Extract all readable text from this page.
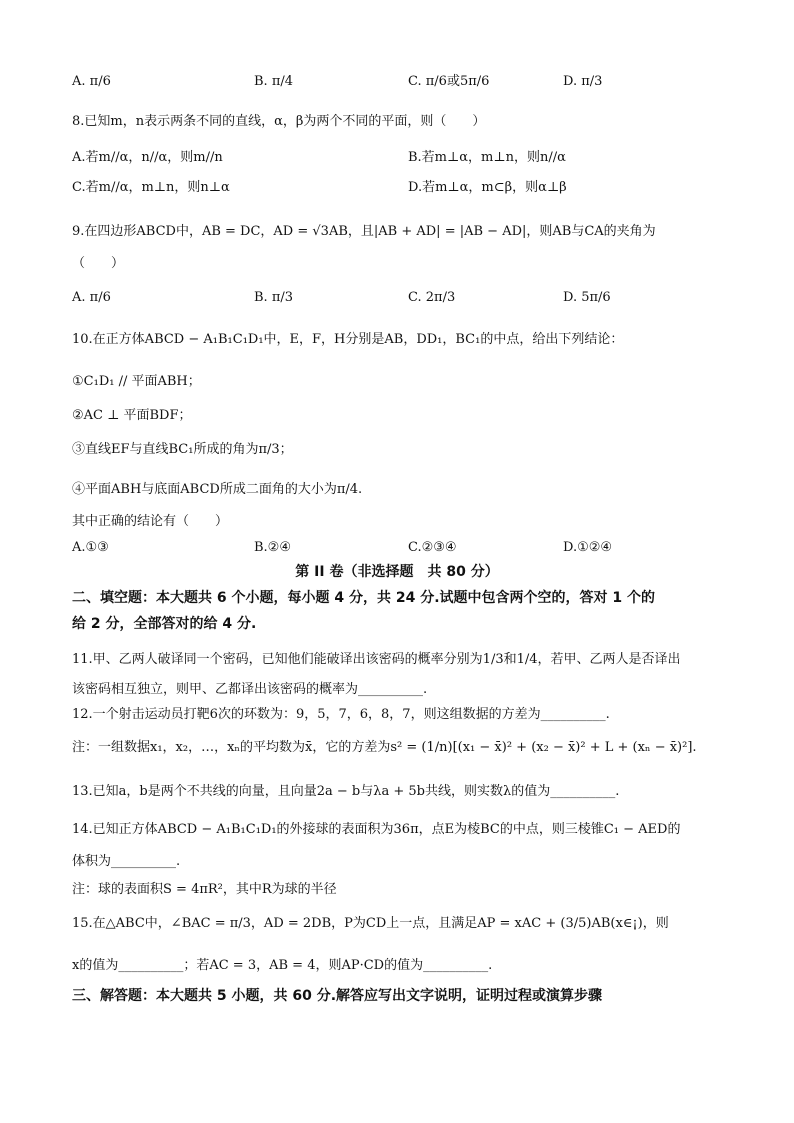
A. π/6	B. π/4	C. π/6或5π/6	D. π/3
8.已知m，n表示两条不同的直线，α，β为两个不同的平面，则（　　）
A.若m//α，n//α，则m//n	B.若m⊥α，m⊥n，则n//α
C.若m//α，m⊥n，则n⊥α	D.若m⊥α，m⊂β，则α⊥β
9.在四边形ABCD中，AB = DC，AD = √3AB，且|AB + AD| = |AB − AD|，则AB与CA的夹角为
（　　）
A. π/6	B. π/3	C. 2π/3	D. 5π/6
10.在正方体ABCD − A₁B₁C₁D₁中，E，F，H分别是AB，DD₁，BC₁的中点，给出下列结论：
①C₁D₁ // 平面ABH；
②AC ⊥ 平面BDF；
③直线EF与直线BC₁所成的角为π/3；
④平面ABH与底面ABCD所成二面角的大小为π/4.
其中正确的结论有（　　）
A.①③	B.②④	C.②③④	D.①②④
第 II 卷（非选择题　共 80 分）
二、填空题：本大题共 6 个小题，每小题 4 分，共 24 分.试题中包含两个空的，答对 1 个的
给 2 分，全部答对的给 4 分.
11.甲、乙两人破译同一个密码，已知他们能破译出该密码的概率分别为1/3和1/4，若甲、乙两人是否译出
该密码相互独立，则甲、乙都译出该密码的概率为__________.
12.一个射击运动员打靶6次的环数为：9，5，7，6，8，7，则这组数据的方差为__________.
注：一组数据x₁，x₂，…，xₙ的平均数为x̄，它的方差为s² = (1/n)[(x₁ − x̄)² + (x₂ − x̄)² + L + (xₙ − x̄)²].
13.已知a，b是两个不共线的向量，且向量2a − b与λa + 5b共线，则实数λ的值为__________.
14.已知正方体ABCD − A₁B₁C₁D₁的外接球的表面积为36π，点E为棱BC的中点，则三棱锥C₁ − AED的
体积为__________.
注：球的表面积S = 4πR²，其中R为球的半径
15.在△ABC中，∠BAC = π/3，AD = 2DB，P为CD上一点，且满足AP = xAC + (3/5)AB(x∈¡)，则
x的值为__________；若AC = 3，AB = 4，则AP·CD的值为__________.
三、解答题：本大题共 5 小题，共 60 分.解答应写出文字说明，证明过程或演算步骤
